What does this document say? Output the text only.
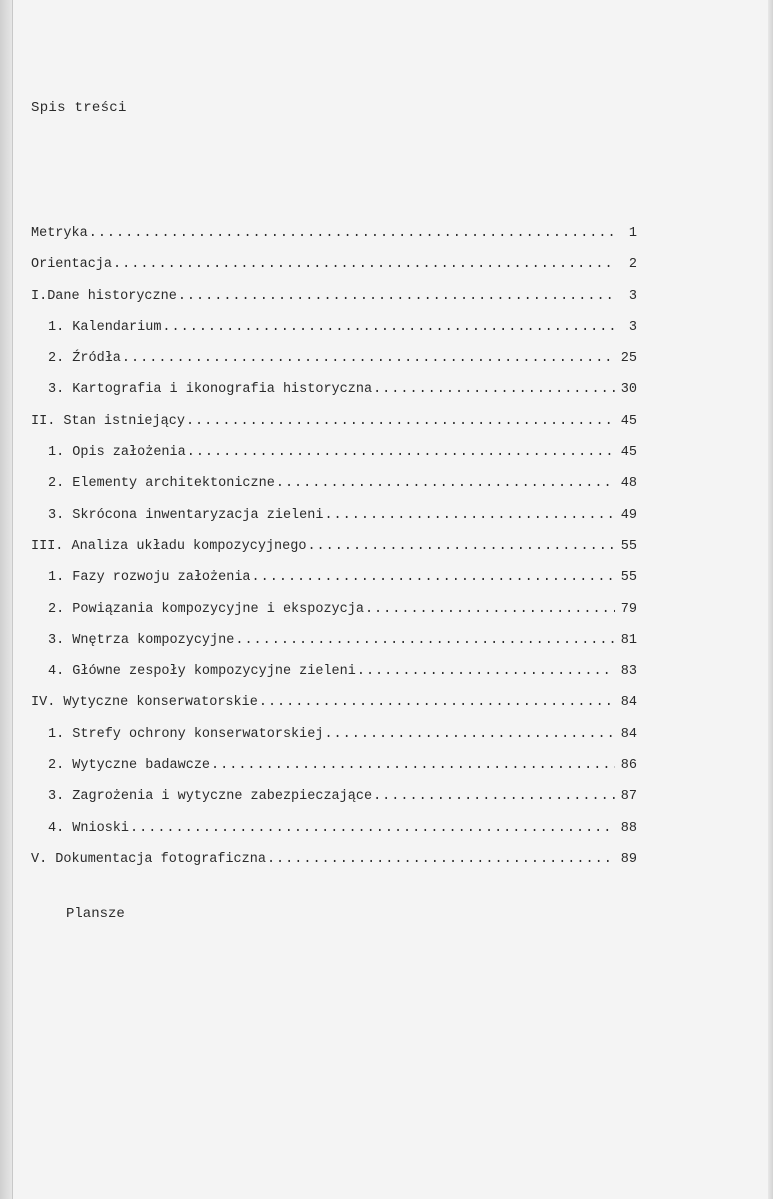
Spis treści
Metryka .....	1
Orientacja .....	2
I.Dane historyczne .....	3
1. Kalendarium .....	3
2. Źródła .....	25
3. Kartografia i ikonografia historyczna .....	30
II. Stan istniejący .....	45
1. Opis założenia .....	45
2. Elementy architektoniczne .....	48
3. Skrócona inwentaryzacja zieleni .....	49
III. Analiza układu kompozycyjnego .....	55
1. Fazy rozwoju założenia .....	55
2. Powiązania kompozycyjne i ekspozycja .....	79
3. Wnętrza kompozycyjne .....	81
4. Główne zespoły kompozycyjne zieleni .....	83
IV. Wytyczne konserwatorskie .....	84
1. Strefy ochrony konserwatorskiej .....	84
2. Wytyczne badawcze .....	86
3. Zagrożenia i wytyczne zabezpieczające .....	87
4. Wnioski .....	88
V. Dokumentacja fotograficzna .....	89
Plansze
